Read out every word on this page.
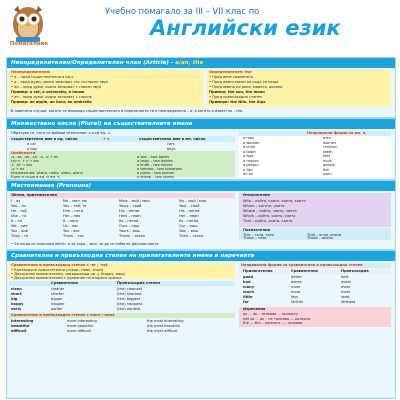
Помагалник
Учебно помагало за III – VII клас по
Английски език
Неопределителен/Определителен член (Article) - a/an, the
Неопределителен:	Определителен: the
• a – пред съществителни в ед.ч.
• a – пред думи, които започват със съгласен звук
• an – пред думи, които започват с гласен звук
Пример: a cat, a university, a house
• an – пред думи, които започват с гласна
Пример: an apple, an hour, an umbrella
• Пред вече споменато
• Пред единствени по рода си неща
• Пред имена на реки, морета, океани
Пример: the sun, the moon
• Пред превъзходна степен
Примери: the Nile, the Alps
В повечето случаи, когато се въвежда съществителното в изречението то е неопределено – a, а когато е известно – the.
Множествено число (Plural) на съществителните имена
Образува се, като се добави окончание -s към ед. ч.
съществително име в ед. число	+ s	съществително име в мн. число
a car	cars
a boy	boys
Особености
-s, -ss, -sh, -ch, -x, -o + es	a box – two boxes
съгл. + y → ies	a baby – two babies
-f, -fe → ves	a knife – two knives
-o + es	a tomato – two tomatoes
Изключения: photo, radio, video, piano	a piano – two pianos
Едно и също в ед. и мн. ч.	a sheep – two sheep
Неправилни форми за мн. ч.
a man	men
a woman	women
a child	children
a tooth	teeth
a foot	feet
a mouse	mice
a person	people
a fish	fish
an ox	oxen
Местоимения (Pronouns)
Лични, притежателни	Относителни
Who – който, която, което, които
Whom – когото, която
Whose – чийто, чиято, чието
Which – който, която, което
That – който, която, което
Показателни
This – този, тази	That – онзи, онази
These – тези	Those – онези
• За неща се използва which, а за хора – who, за да се избегне двусмислието
I – аз	Me – мен, ме	Mine – мой / моя	My – мой / моя
You – ти	You – теб, те	Yours – твой	Your – твой
He – той	Him – него	His – негов	His – негов
She – тя	Her – нея	Hers – неин	Her – неин
It – то	It – него	Its – негов	Its – негов
We – ние	Us – нас	Ours – наш	Our – наш
You – вие	You – вас	Yours – ваш	Your – ваш
They – те	Them – тях	Theirs – техен	Their – техен
Сравнителна и превъзходна степен на прилагателните имена и наречията
Сравнителна и превъзходна степен с -er / -est
• Едносрични прилагателни (cheap, clean, short)
• Двусрични прилагателни, завършващи на -y (happy, easy)
• Двусрични прилагателни с ударение на втората сричка
Сравнителна	Превъзходна степен
Сравнителна и превъзходна степен с more / most
Неправилни форми за сравнителна и превъзходна степен
Прилагателно	Сравнителна	Превъзходна
Изречения
as … as – толкова … колкото
not so … as – не толкова … колкото
the … the – колкото …, толкова
clean	cleaner	(the) cleanest
short	shorter	(the) shortest
big	bigger	(the) biggest
happy	happier	(the) happiest
early	earlier	(the) earliest
interesting	more interesting	the most interesting
beautiful	more beautiful	the most beautiful
difficult	more difficult	the most difficult
good	better	best
bad	worse	worst
many	more	most
much	more	most
little	less	least
far	farther	farthest
